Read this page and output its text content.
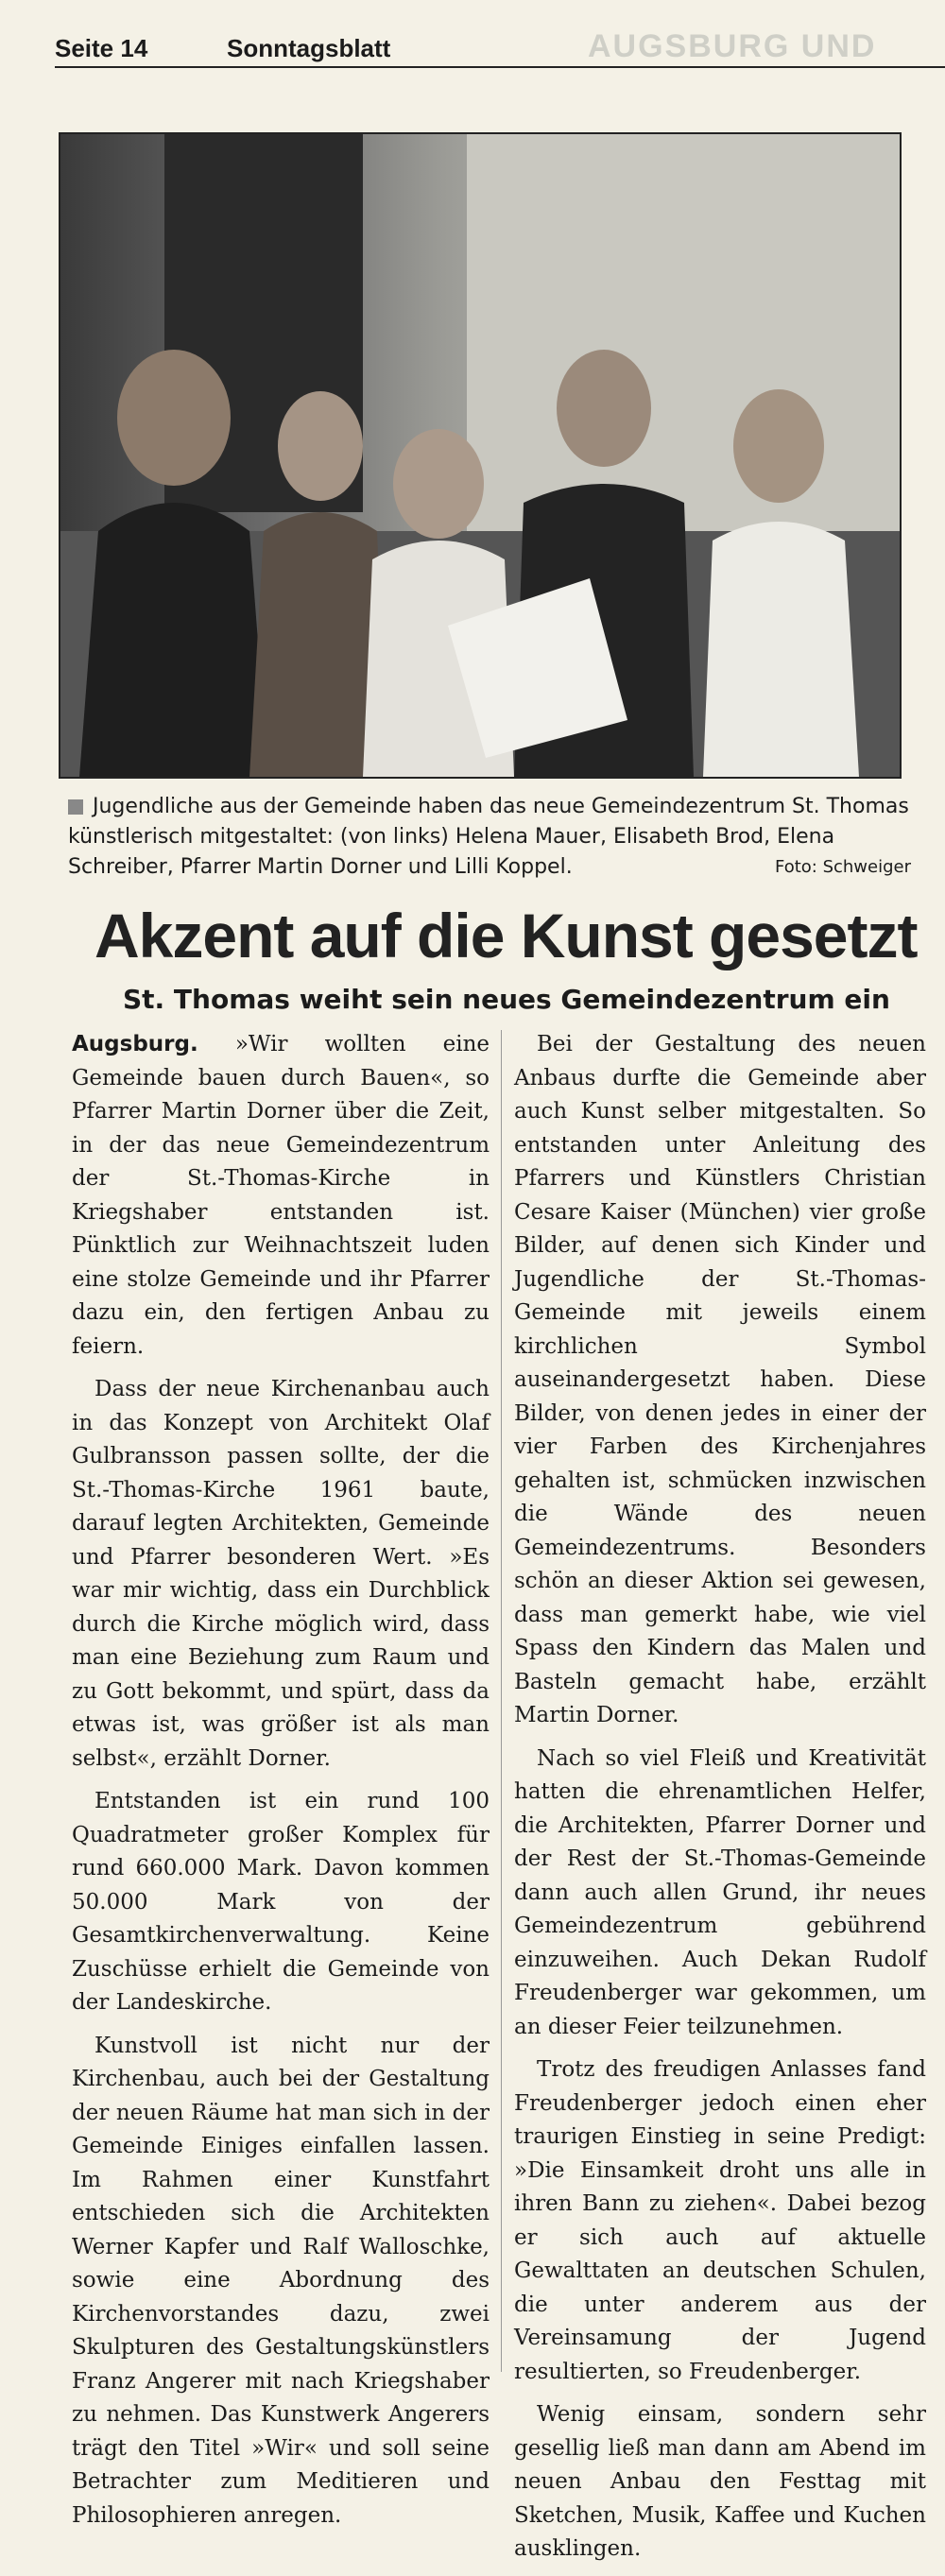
Seite 14	Sonntagsblatt	AUGSBURG UND
Jugendliche aus der Gemeinde haben das neue Gemeindezentrum St. Thomas künstlerisch mitgestaltet: (von links) Helena Mauer, Elisabeth Brod, Elena Schreiber, Pfarrer Martin Dorner und Lilli Koppel.	Foto: Schweiger
Akzent auf die Kunst gesetzt
St. Thomas weiht sein neues Gemeindezentrum ein

Augsburg. »Wir wollten eine Gemeinde bauen durch Bauen«, so Pfarrer Martin Dorner über die Zeit, in der das neue Gemeindezentrum der St.-Thomas-Kirche in Kriegshaber entstanden ist. Pünktlich zur Weihnachtszeit luden eine stolze Gemeinde und ihr Pfarrer dazu ein, den fertigen Anbau zu feiern.

Dass der neue Kirchenanbau auch in das Konzept von Architekt Olaf Gulbransson passen sollte, der die St.-Thomas-Kirche 1961 baute, darauf legten Architekten, Gemeinde und Pfarrer besonderen Wert. »Es war mir wichtig, dass ein Durchblick durch die Kirche möglich wird, dass man eine Beziehung zum Raum und zu Gott bekommt, und spürt, dass da etwas ist, was größer ist als man selbst«, erzählt Dorner.

Entstanden ist ein rund 100 Quadratmeter großer Komplex für rund 660.000 Mark. Davon kommen 50.000 Mark von der Gesamtkirchenverwaltung. Keine Zuschüsse erhielt die Gemeinde von der Landeskirche.

Kunstvoll ist nicht nur der Kirchenbau, auch bei der Gestaltung der neuen Räume hat man sich in der Gemeinde Einiges einfallen lassen. Im Rahmen einer Kunstfahrt entschieden sich die Architekten Werner Kapfer und Ralf Walloschke, sowie eine Abordnung des Kirchenvorstandes dazu, zwei Skulpturen des Gestaltungskünstlers Franz Angerer mit nach Kriegshaber zu nehmen. Das Kunstwerk Angerers trägt den Titel »Wir« und soll seine Betrachter zum Meditieren und Philosophieren anregen.

Bei der Gestaltung des neuen Anbaus durfte die Gemeinde aber auch Kunst selber mitgestalten. So entstanden unter Anleitung des Pfarrers und Künstlers Christian Cesare Kaiser (München) vier große Bilder, auf denen sich Kinder und Jugendliche der St.-Thomas-Gemeinde mit jeweils einem kirchlichen Symbol auseinandergesetzt haben. Diese Bilder, von denen jedes in einer der vier Farben des Kirchenjahres gehalten ist, schmücken inzwischen die Wände des neuen Gemeindezentrums. Besonders schön an dieser Aktion sei gewesen, dass man gemerkt habe, wie viel Spass den Kindern das Malen und Basteln gemacht habe, erzählt Martin Dorner.

Nach so viel Fleiß und Kreativität hatten die ehrenamtlichen Helfer, die Architekten, Pfarrer Dorner und der Rest der St.-Thomas-Gemeinde dann auch allen Grund, ihr neues Gemeindezentrum gebührend einzuweihen. Auch Dekan Rudolf Freudenberger war gekommen, um an dieser Feier teilzunehmen.

Trotz des freudigen Anlasses fand Freudenberger jedoch einen eher traurigen Einstieg in seine Predigt: »Die Einsamkeit droht uns alle in ihren Bann zu ziehen«. Dabei bezog er sich auch auf aktuelle Gewalttaten an deutschen Schulen, die unter anderem aus der Vereinsamung der Jugend resultierten, so Freudenberger.

Wenig einsam, sondern sehr gesellig ließ man dann am Abend im neuen Anbau den Festtag mit Sketchen, Musik, Kaffee und Kuchen ausklingen.
